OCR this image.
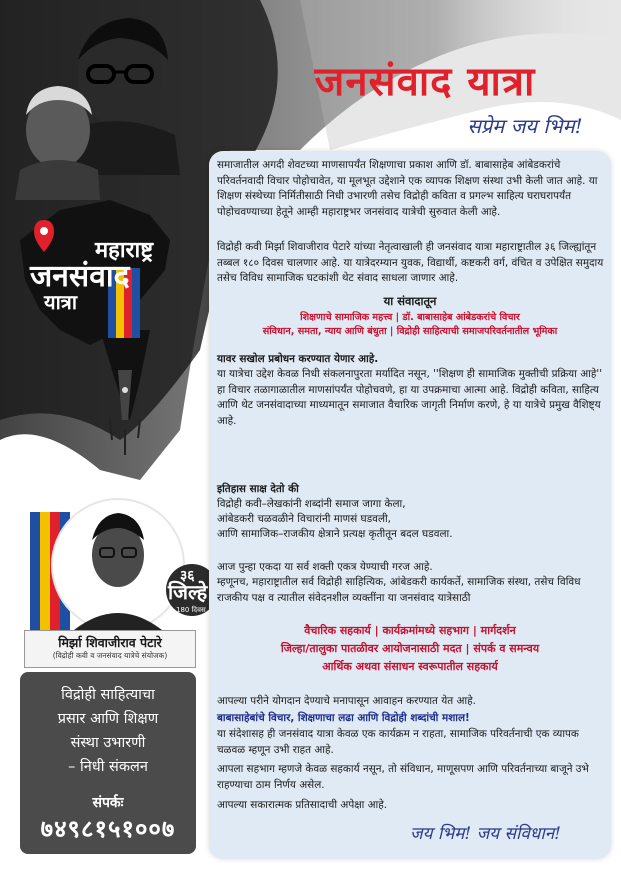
जनसंवाद यात्रा
सप्रेम जय भिम!
महाराष्ट्र
जनसंवाद
यात्रा
३६
जिल्हे
180 दिवस
मिर्झा शिवाजीराव पेटारे
(विद्रोही कवी व जनसंवाद यात्रेचे संयोजक)
विद्रोही साहित्याचा
प्रसार आणि शिक्षण
संस्था उभारणी
– निधी संकलन
संपर्कः
७४९८१५१००७
समाजातील अगदी शेवटच्या माणसापर्यंत शिक्षणाचा प्रकाश आणि डॉ. बाबासाहेब आंबेडकरांचे परिवर्तनवादी विचार पोहोचावेत, या मूलभूत उद्देशाने एक व्यापक शिक्षण संस्था उभी केली जात आहे. या शिक्षण संस्थेच्या निर्मितीसाठी निधी उभारणी तसेच विद्रोही कविता व प्रगल्भ साहित्य घराघरापर्यंत पोहोचवण्याच्या हेतूने आम्ही महाराष्ट्रभर जनसंवाद यात्रेची सुरुवात केली आहे.
विद्रोही कवी मिर्झा शिवाजीराव पेटारे यांच्या नेतृत्वाखाली ही जनसंवाद यात्रा महाराष्ट्रातील ३६ जिल्ह्यांतून तब्बल १८० दिवस चालणार आहे. या यात्रेदरम्यान युवक, विद्यार्थी, कष्टकरी वर्ग, वंचित व उपेक्षित समुदाय तसेच विविध सामाजिक घटकांशी थेट संवाद साधला जाणार आहे.
या संवादातून
शिक्षणाचे सामाजिक महत्त्व | डॉ. बाबासाहेब आंबेडकरांचे विचार
संविधान, समता, न्याय आणि बंधुता | विद्रोही साहित्याची समाजपरिवर्तनातील भूमिका
यावर सखोल प्रबोधन करण्यात येणार आहे.
या यात्रेचा उद्देश केवळ निधी संकलनापुरता मर्यादित नसून, ''शिक्षण ही सामाजिक मुक्तीची प्रक्रिया आहे'' हा विचार तळागाळातील माणसांपर्यंत पोहोचवणे, हा या उपक्रमाचा आत्मा आहे. विद्रोही कविता, साहित्य आणि थेट जनसंवादाच्या माध्यमातून समाजात वैचारिक जागृती निर्माण करणे, हे या यात्रेचे प्रमुख वैशिष्ट्य आहे.
इतिहास साक्ष देतो की
विद्रोही कवी–लेखकांनी शब्दांनी समाज जागा केला,
आंबेडकरी चळवळीने विचारांनी माणसं घडवली,
आणि सामाजिक–राजकीय क्षेत्राने प्रत्यक्ष कृतीतून बदल घडवला.
आज पुन्हा एकदा या सर्व शक्ती एकत्र येण्याची गरज आहे.
म्हणूनच, महाराष्ट्रातील सर्व विद्रोही साहित्यिक, आंबेडकरी कार्यकर्ते, सामाजिक संस्था, तसेच विविध राजकीय पक्ष व त्यातील संवेदनशील व्यक्तींना या जनसंवाद यात्रेसाठी
वैचारिक सहकार्य | कार्यक्रमांमध्ये सहभाग | मार्गदर्शन
जिल्हा/तालुका पातळीवर आयोजनासाठी मदत | संपर्क व समन्वय
आर्थिक अथवा संसाधन स्वरूपातील सहकार्य
आपल्या परीने योगदान देण्याचे मनापासून आवाहन करण्यात येत आहे.
बाबासाहेबांचे विचार, शिक्षणाचा लढा आणि विद्रोही शब्दांची मशाल!
या संदेशासह ही जनसंवाद यात्रा केवळ एक कार्यक्रम न राहता, सामाजिक परिवर्तनाची एक व्यापक चळवळ म्हणून उभी राहत आहे.
आपला सहभाग म्हणजे केवळ सहकार्य नसून, तो संविधान, माणूसपण आणि परिवर्तनाच्या बाजूने उभे राहण्याचा ठाम निर्णय असेल.
आपल्या सकारात्मक प्रतिसादाची अपेक्षा आहे.
जय भिम! जय संविधान!
